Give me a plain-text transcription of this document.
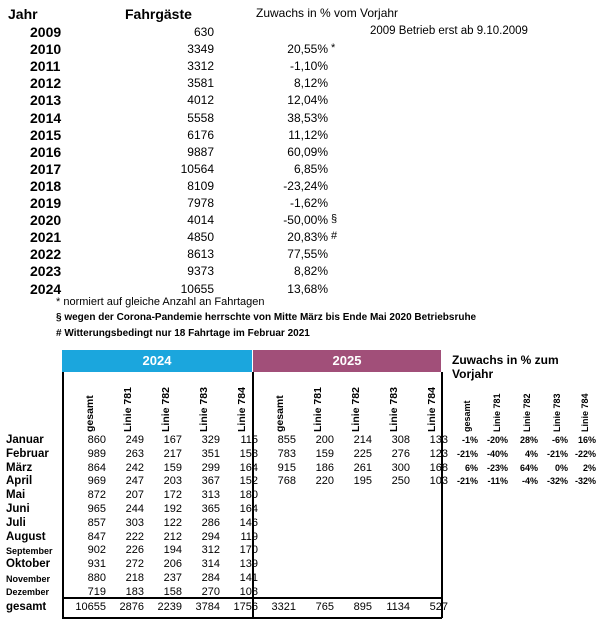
Jahr	Fahrgäste	Zuwachs in % vom Vorjahr
2009	630	2009 Betrieb erst ab 9.10.2009
2010	3349	20,55% *
2011	3312	-1,10%
2012	3581	8,12%
2013	4012	12,04%
2014	5558	38,53%
2015	6176	11,12%
2016	9887	60,09%
2017	10564	6,85%
2018	8109	-23,24%
2019	7978	-1,62%
2020	4014	-50,00% §
2021	4850	20,83% #
2022	8613	77,55%
2023	9373	8,82%
2024	10655	13,68%
* normiert auf gleiche Anzahl an Fahrtagen
§ wegen der Corona-Pandemie herrschte von Mitte März bis Ende Mai 2020 Betriebsruhe
# Witterungsbedingt nur 18 Fahrtage im Februar 2021
2024	2025	Zuwachs in % zum Vorjahr
gesamt Linie 781 Linie 782 Linie 783 Linie 784 gesamt Linie 781 Linie 782 Linie 783 Linie 784	gesamt Linie 781 Linie 782 Linie 783 Linie 784
Januar	860	249	167	329	115	855	200	214	308	133	-1% -20%	28%	-6%	16%
Februar	989	263	217	351	158	783	159	225	276	123 -21% -40%	4% -21% -22%
März	864	242	159	299	164	915	186	261	300	168	6% -23%	64%	0%	2%
April	969	247	203	367	152	768	220	195	250	103 -21%	-11%	-4% -32% -32%
Mai	872	207	172	313	180
Juni	965	244	192	365	164
Juli	857	303	122	286	146
August	847	222	212	294	119
September	902	226	194	312	170
Oktober	931	272	206	314	139
November	880	218	237	284	141
Dezember	719	183	158	270	108
gesamt	10655	2876	2239	3784	1756	3321	765	895	1134	527
